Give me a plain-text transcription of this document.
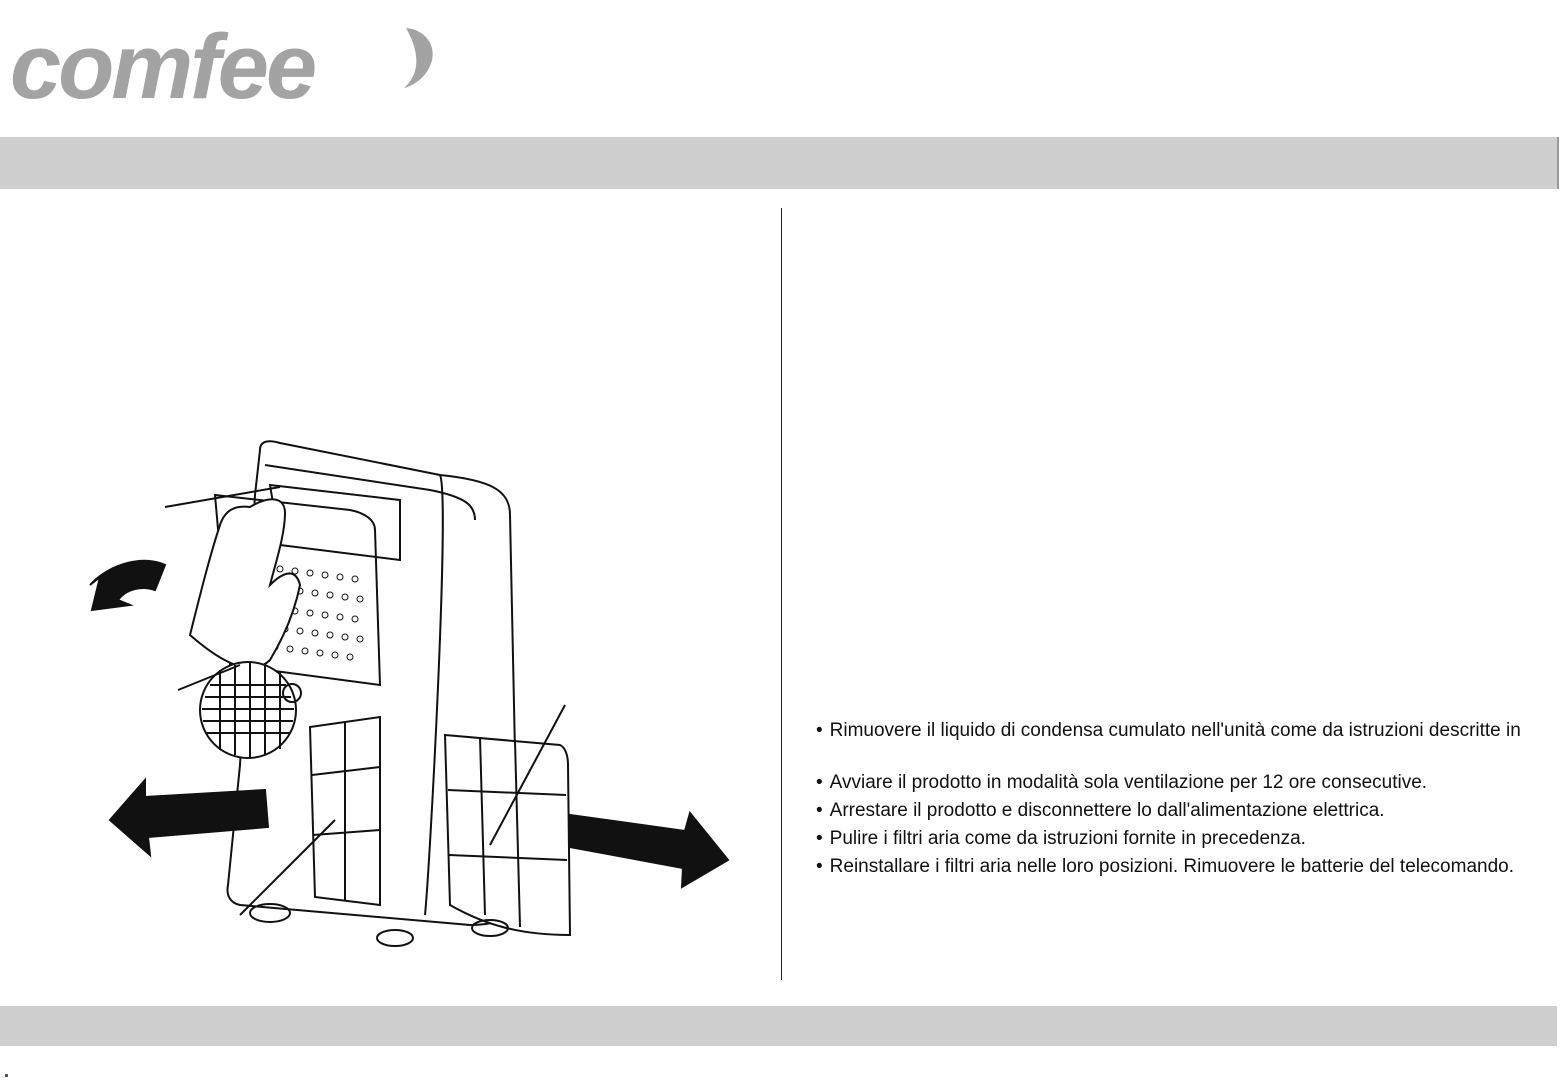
comfee
• Rimuovere il liquido di condensa cumulato nell'unità come da istruzioni descritte in
• Avviare il prodotto in modalità sola ventilazione per 12 ore consecutive.
• Arrestare il prodotto e disconnettere lo dall'alimentazione elettrica.
• Pulire i filtri aria come da istruzioni fornite in precedenza.
• Reinstallare i filtri aria nelle loro posizioni. Rimuovere le batterie del telecomando.
